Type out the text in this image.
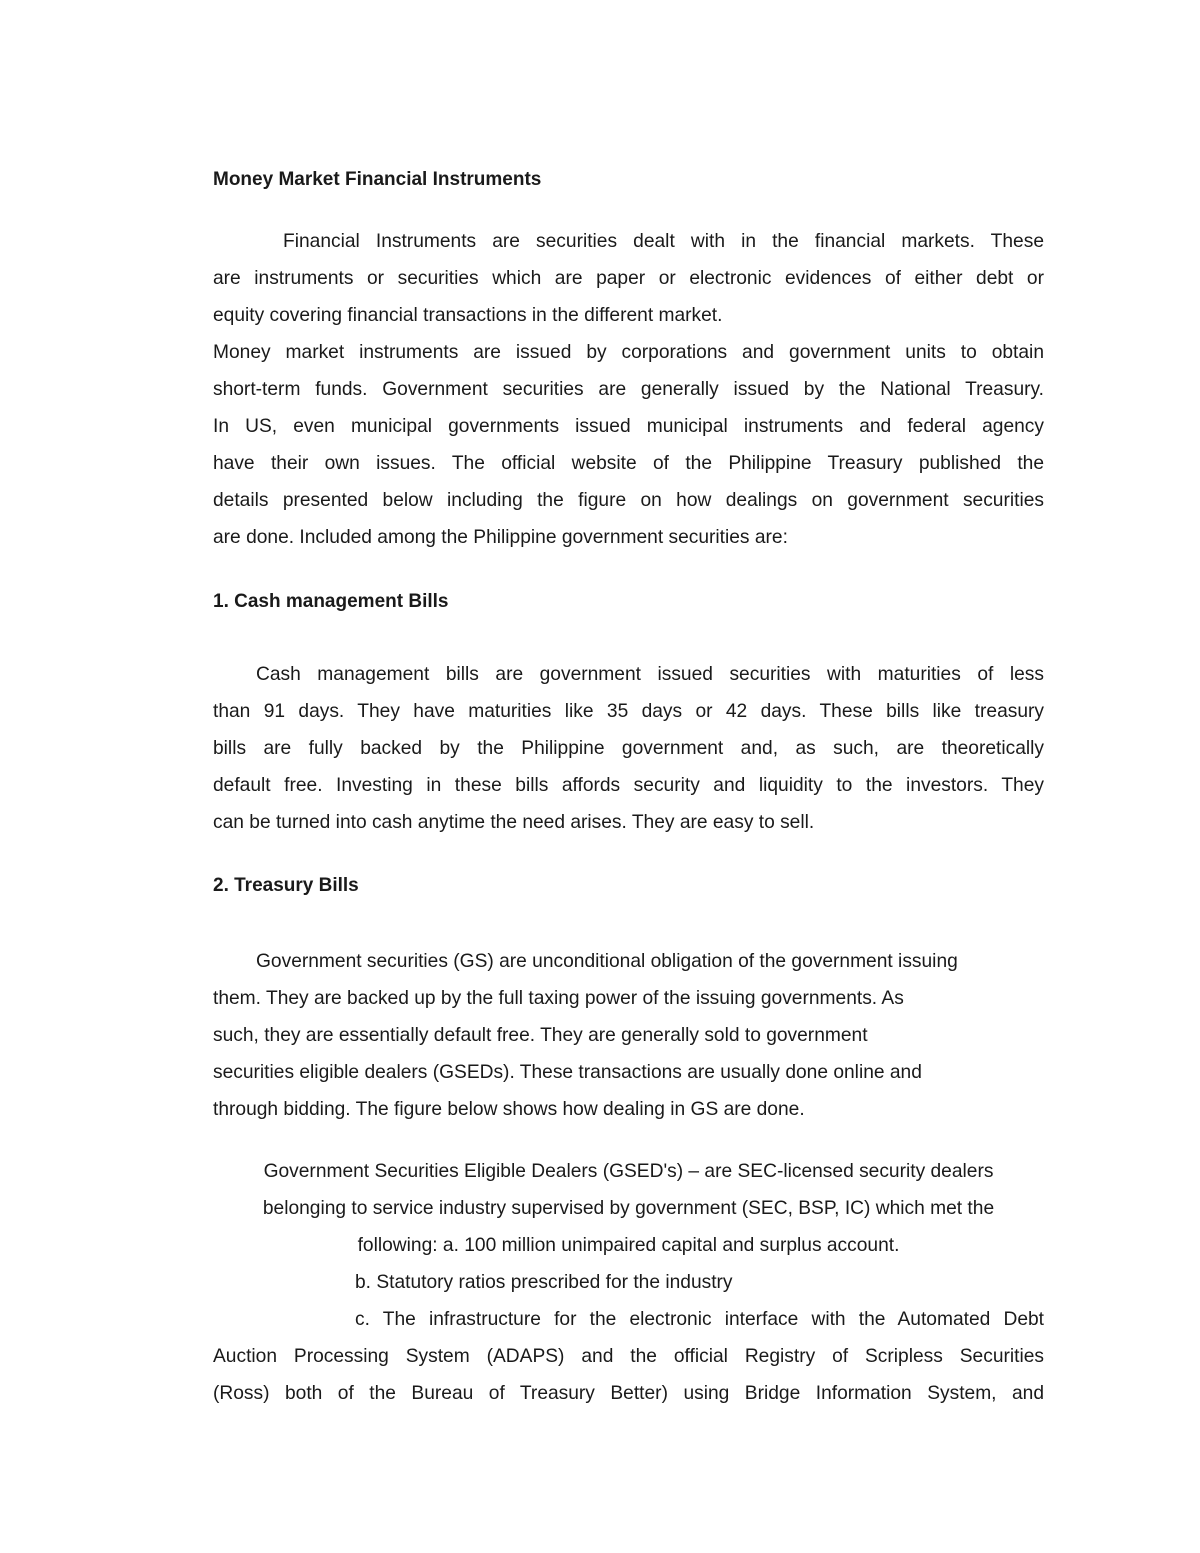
Money Market Financial Instruments
Financial Instruments are securities dealt with in the financial markets. These
are instruments or securities which are paper or electronic evidences of either debt or
equity covering financial transactions in the different market.
Money market instruments are issued by corporations and government units to obtain
short-term funds. Government securities are generally issued by the National Treasury.
In US, even municipal governments issued municipal instruments and federal agency
have their own issues. The official website of the Philippine Treasury published the
details presented below including the figure on how dealings on government securities
are done. Included among the Philippine government securities are:
1. Cash management Bills
Cash management bills are government issued securities with maturities of less
than 91 days. They have maturities like 35 days or 42 days. These bills like treasury
bills are fully backed by the Philippine government and, as such, are theoretically
default free. Investing in these bills affords security and liquidity to the investors. They
can be turned into cash anytime the need arises. They are easy to sell.
2. Treasury Bills
Government securities (GS) are unconditional obligation of the government issuing
them. They are backed up by the full taxing power of the issuing governments. As
such, they are essentially default free. They are generally sold to government
securities eligible dealers (GSEDs). These transactions are usually done online and
through bidding. The figure below shows how dealing in GS are done.
Government Securities Eligible Dealers (GSED's) – are SEC-licensed security dealers
belonging to service industry supervised by government (SEC, BSP, IC) which met the
following: a. 100 million unimpaired capital and surplus account.
b. Statutory ratios prescribed for the industry
c. The infrastructure for the electronic interface with the Automated Debt
Auction Processing System (ADAPS) and the official Registry of Scripless Securities
(Ross) both of the Bureau of Treasury Better) using Bridge Information System, and
